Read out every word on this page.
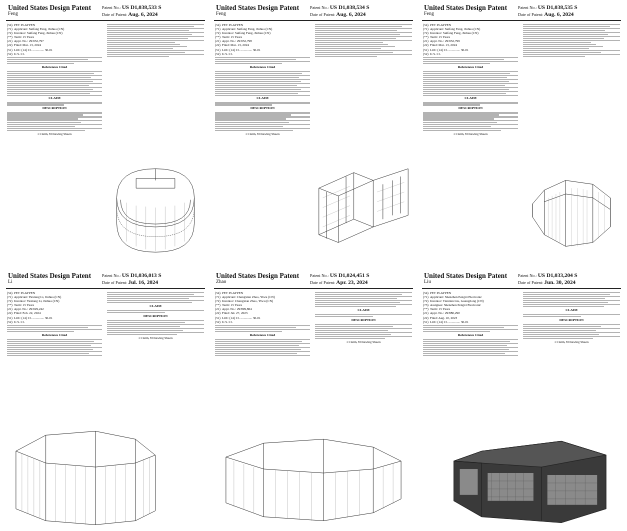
United States Design Patent
Feng
Patent No.: US D1,038,533 S
Date of Patent: Aug. 6, 2024
(54) PET PLAYPEN
(71) Applicant: Suifang Feng, Jinhua (CN)
(72) Inventor: Suifang Feng, Jinhua (CN)
(**) Term: 15 Years
(21) Appl. No.: 29/932,797
(22) Filed: Mar. 13, 2024
(51) LOC (14) Cl. .............. 30-01
(52) U.S. Cl.
References Cited
CLAIM
DESCRIPTION
1 Claim, 8 Drawing Sheets
United States Design Patent
Feng
Patent No.: US D1,038,534 S
Date of Patent: Aug. 6, 2024
(54) PET PLAYPEN
(71) Applicant: Suifang Feng, Jinhua (CN)
(72) Inventor: Suifang Feng, Jinhua (CN)
(**) Term: 15 Years
(21) Appl. No.: 29/932,798
(22) Filed: Mar. 13, 2024
(51) LOC (14) Cl. .............. 30-01
(52) U.S. Cl.
References Cited
CLAIM
DESCRIPTION
1 Claim, 8 Drawing Sheets
United States Design Patent
Feng
Patent No.: US D1,038,535 S
Date of Patent: Aug. 6, 2024
(54) PET PLAYPEN
(71) Applicant: Suifang Feng, Jinhua (CN)
(72) Inventor: Suifang Feng, Jinhua (CN)
(**) Term: 15 Years
(21) Appl. No.: 29/932,799
(22) Filed: Mar. 13, 2024
(51) LOC (14) Cl. .............. 30-01
(52) U.S. Cl.
References Cited
CLAIM
DESCRIPTION
1 Claim, 8 Drawing Sheets
United States Design Patent
Li
Patent No.: US D1,036,013 S
Date of Patent: Jul. 16, 2024
(54) PET PLAYPEN
(71) Applicant: Yuxiang Li, Jinhua (CN)
(72) Inventor: Yuxiang Li, Jinhua (CN)
(**) Term: 15 Years
(21) Appl. No.: 29/929,242
(22) Filed: Feb. 22, 2024
(51) LOC (14) Cl. .............. 30-01
(52) U.S. Cl.
References Cited
CLAIM
DESCRIPTION
1 Claim, 8 Drawing Sheets
United States Design Patent
Zhao
Patent No.: US D1,024,451 S
Date of Patent: Apr. 23, 2024
(54) PET PLAYPEN
(71) Applicant: Chengxian Zhao, Yiwu (CN)
(72) Inventor: Chengxian Zhao, Yiwu (CN)
(**) Term: 15 Years
(21) Appl. No.: 29/899,864
(22) Filed: Jul. 27, 2023
(51) LOC (14) Cl. .............. 30-01
(52) U.S. Cl.
References Cited
CLAIM
DESCRIPTION
1 Claim, 8 Drawing Sheets
United States Design Patent
Liu
Patent No.: US D1,033,204 S
Date of Patent: Jun. 30, 2024
(54) PET PLAYPEN
(71) Applicant: Shenzhen Pengxi Electronic
(72) Inventor: Tiantian Liu, Guangdong (CN)
(73) Assignee: Shenzhen Pengxi Electronic
(**) Term: 15 Years
(21) Appl. No.: 29/880,290
(22) Filed: Aug. 10, 2023
(51) LOC (14) Cl. .............. 30-01
References Cited
CLAIM
DESCRIPTION
1 Claim, 8 Drawing Sheets
